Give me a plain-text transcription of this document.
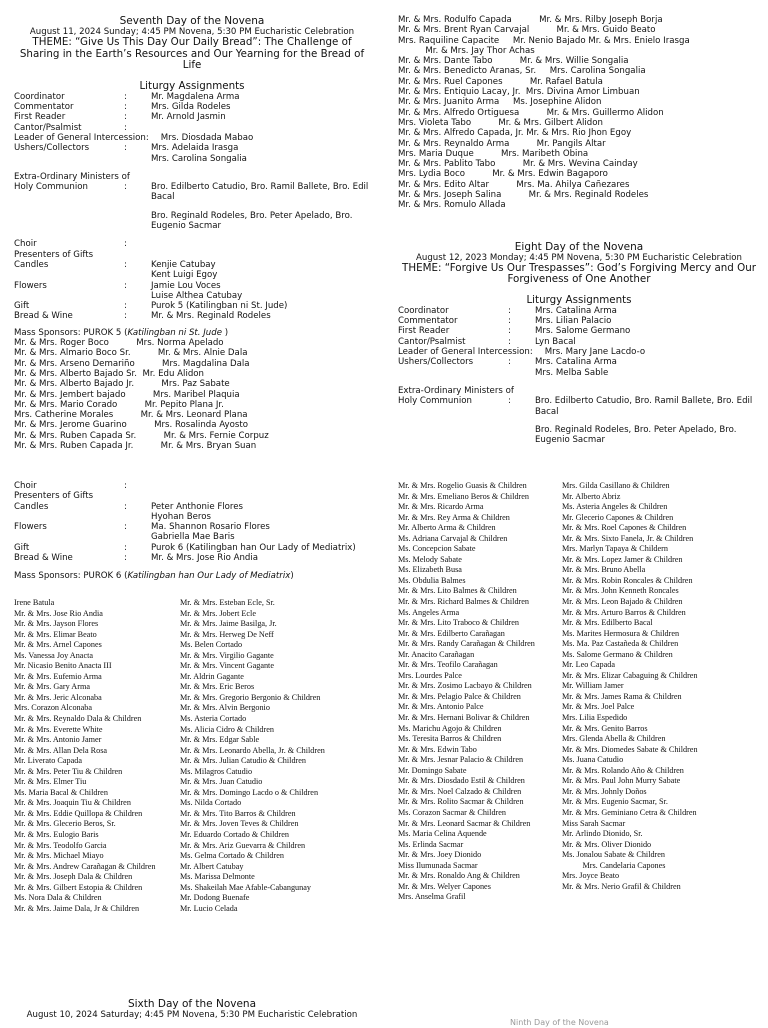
Seventh Day of the Novena
August 11, 2024 Sunday; 4:45 PM Novena, 5:30 PM Eucharistic Celebration
THEME: “Give Us This Day Our Daily Bread”: The Challenge of Sharing in the Earth’s Resources and Our Yearning for the Bread of Life
Liturgy Assignments
Coordinator	:	Mr. Magdalena Arma
Commentator	:	Mrs. Gilda Rodeles
First Reader	:	Mr. Arnold Jasmin
Cantor/Psalmist	:
Leader of General Intercession: Mrs. Diosdada Mabao
Ushers/Collectors	:	Mrs. Adelaida Irasga
Mrs. Carolina Songalia
Extra-Ordinary Ministers of
Holy Communion	:	Bro. Edilberto Catudio, Bro. Ramil Ballete, Bro. Edil Bacal
Bro. Reginald Rodeles, Bro. Peter Apelado, Bro. Eugenio Sacmar
Choir	:
Presenters of Gifts
Candles	:	Kenjie Catubay
Kent Luigi Egoy
Flowers	:	Jamie Lou Voces
Luise Althea Catubay
Gift	:	Purok 5 (Katilingban ni St. Jude)
Bread & Wine	:	Mr. & Mrs. Reginald Rodeles
Mass Sponsors: PUROK 5 (Katilingban ni St. Jude )
Mr. & Mrs. Roger Boco          Mrs. Norma Apelado
Mr. & Mrs. Almario Boco Sr.          Mr. & Mrs. Alnie Dala
Mr. & Mrs. Arseno Demariño          Mrs. Magdalina Dala
Mr. & Mrs. Alberto Bajado Sr.  Mr. Edu Alidon
Mr. & Mrs. Alberto Bajado Jr.          Mrs. Paz Sabate
Mr. & Mrs. Jembert bajado          Mrs. Maribel Plaquia
Mr. & Mrs. Mario Corado          Mr. Pepito Plana Jr.
Mrs. Catherine Morales          Mr. & Mrs. Leonard Plana
Mr. & Mrs. Jerome Guarino          Mrs. Rosalinda Ayosto
Mr. & Mrs. Ruben Capada Sr.          Mr. & Mrs. Fernie Corpuz
Mr. & Mrs. Ruben Capada Jr.          Mr. & Mrs. Bryan Suan
Mr. & Mrs. Rodulfo Capada          Mr. & Mrs. Rilby Joseph Borja
Mr. & Mrs. Brent Ryan Carvajal          Mr. & Mrs. Guido Beato
Mrs. Raquiline Capacite     Mr. Nenio Bajado Mr. & Mrs. Enielo Irasga
Mr. & Mrs. Jay Thor Achas
Mr. & Mrs. Dante Tabo          Mr. & Mrs. Willie Songalia
Mr. & Mrs. Benedicto Aranas, Sr.     Mrs. Carolina Songalia
Mr. & Mrs. Ruel Capones          Mr. Rafael Batula
Mr. & Mrs. Entiquio Lacay, Jr.  Mrs. Divina Amor Limbuan
Mr. & Mrs. Juanito Arma     Ms. Josephine Alidon
Mr. & Mrs. Alfredo Ortiguesa          Mr. & Mrs. Guillermo Alidon
Mrs. Violeta Tabo          Mr. & Mrs. Gilbert Alidon
Mr. & Mrs. Alfredo Capada, Jr. Mr. & Mrs. Rio Jhon Egoy
Mr. & Mrs. Reynaldo Arma          Mr. Pangils Altar
Mrs. Maria Duque          Mrs. Maribeth Obina
Mr. & Mrs. Pablito Tabo          Mr. & Mrs. Wevina Cainday
Mrs. Lydia Boco          Mr. & Mrs. Edwin Bagaporo
Mr. & Mrs. Edito Altar          Mrs. Ma. Ahilya Cañezares
Mr. & Mrs. Joseph Salina          Mr. & Mrs. Reginald Rodeles
Mr. & Mrs. Romulo Allada
Eight Day of the Novena
August 12, 2023 Monday; 4:45 PM Novena, 5:30 PM Eucharistic Celebration
THEME: “Forgive Us Our Trespasses”: God’s Forgiving Mercy and Our Forgiveness of One Another
Liturgy Assignments
Coordinator	:	Mrs. Catalina Arma
Commentator	:	Mrs. Lilian Palacio
First Reader	:	Mrs. Salome Germano
Cantor/Psalmist	:	Lyn Bacal
Leader of General Intercession: Mrs. Mary Jane Lacdo-o
Ushers/Collectors	:	Mrs. Catalina Arma
Mrs. Melba Sable
Extra-Ordinary Ministers of
Holy Communion	:	Bro. Edilberto Catudio, Bro. Ramil Ballete, Bro. Edil Bacal
Bro. Reginald Rodeles, Bro. Peter Apelado, Bro. Eugenio Sacmar
Choir	:
Presenters of Gifts
Candles	:	Peter Anthonie Flores
Hyohan Beros
Flowers	:	Ma. Shannon Rosario Flores
Gabriella Mae Baris
Gift	:	Purok 6 (Katilingban han Our Lady of Mediatrix)
Bread & Wine	:	Mr. & Mrs. Jose Rio Andia
Mass Sponsors: PUROK 6 (Katilingban han Our Lady of Mediatrix)
Irene Batula
Mr. & Mrs. Jose Rio Andia
Mr. & Mrs. Jayson Flores
Mr. & Mrs. Elimar Beato
Mr. & Mrs. Arnel Capones
Ms. Vanessa Joy Anacta
Mr. Nicasio Benito Anacta III
Mr. & Mrs. Eufemio Arma
Mr. & Mrs. Gary Arma
Mr. & Mrs. Jeric Alconaba
Mrs. Corazon Alconaba
Mr. & Mrs. Reynaldo Dala & Children
Mr. & Mrs. Everette White
Mr. & Mrs. Antonio Jamer
Mr. & Mrs. Allan Dela Rosa
Mr. Liverato Capada
Mr. & Mrs. Peter Tiu & Children
Mr. & Mrs. Elmer Tiu
Ms. Maria Bacal & Children
Mr. & Mrs. Joaquin Tiu & Children
Mr. & Mrs. Eddie Quillopa & Children
Mr. & Mrs. Glecerio Beros, Sr.
Mr. & Mrs. Eulogio Baris
Mr. & Mrs. Teodolfo Garcia
Mr. & Mrs. Michael Miayo
Mr. & Mrs. Andrew Carañagan & Children
Mr. & Mrs. Joseph Dala & Children
Mr. & Mrs. Gilbert Estopia & Children
Ms. Nora Dala & Children
Mr. & Mrs. Jaime Dala, Jr & Children
Mr. & Mrs. Esteban Ecle, Sr.
Mr. & Mrs. Jobert Ecle
Mr. & Mrs. Jaime Basilga, Jr.
Mr. & Mrs. Herweg De Neff
Ms. Belen Cortado
Mr. & Mrs. Virgilio Gagante
Mr. & Mrs. Vincent Gagante
Mr. Aldrin Gagante
Mr. & Mrs. Eric Beros
Mr. & Mrs. Gregorio Bergonio & Children
Mr. & Mrs. Alvin Bergonio
Ms. Asteria Cortado
Ms. Alicia Cidro & Children
Mr. & Mrs. Edgar Sable
Mr. & Mrs. Leonardo Abella, Jr. & Children
Mr. & Mrs. Julian Catudio & Children
Ms. Milagros Catudio
Mr. & Mrs. Juan Catudio
Mr. & Mrs. Domingo Lacdo o & Children
Ms. Nilda Cortado
Mr. & Mrs. Tito Barros & Children
Mr. & Mrs. Joven Teves & Children
Mr. Eduardo Cortado & Children
Mr. & Mrs. Ariz Guevarra & Children
Ms. Gelma Cortado & Children
Mr. Albert Catubay
Ms. Marissa Delmonte
Ms. Shakeilah Mae Afable-Cabangunay
Mr. Dodong Buenafe
Mr. Lucio Celada
Mr. & Mrs. Rogelio Guasis & Children
Mr. & Mrs. Emeliano Beros & Children
Mr. & Mrs. Ricardo Arma
Mr. & Mrs. Rey Arma & Children
Mr. Alberto Arma & Children
Ms. Adriana Carvajal & Children
Ms. Concepcion Sabate
Ms. Melody Sabate
Ms. Elizabeth Busa
Ms. Obdulia Balmes
Mr. & Mrs. Lito Balmes & Children
Mr. & Mrs. Richard Balmes & Children
Ms. Angeles Arma
Mr. & Mrs. Lito Traboco & Children
Mr. & Mrs. Edilberto Carañagan
Mr. & Mrs. Randy Carañagan & Children
Mr. Anacito Carañagan
Mr. & Mrs. Teofilo Carañagan
Mrs. Lourdes Palce
Mr. & Mrs. Zosimo Lacbayo & Children
Mr. & Mrs. Pelagio Palce & Children
Mr. & Mrs. Antonio Palce
Mr. & Mrs. Hernani Bolivar & Children
Ms. Marichu Agojo & Children
Ms. Teresita Barros & Children
Mr. & Mrs. Edwin Tabo
Mr. & Mrs. Jesnar Palacio & Children
Mr. Domingo Sabate
Mr. & Mrs. Diosdado Estil & Children
Mr. & Mrs. Noel Calzado & Children
Mr. & Mrs. Rolito Sacmar & Children
Ms. Corazon Sacmar & Children
Mr. & Mrs. Leonard Sacmar & Children
Ms. Maria Celina Aquende
Ms. Erlinda Sacmar
Mr. & Mrs. Joey Dionido
Miss Ilumunada Sacmar
Mr. & Mrs. Ronaldo Ang & Children
Mr. & Mrs. Welyer Capones
Mrs. Anselma Grafil
Mrs. Gilda Casillano & Children
Mr. Alberto Abriz
Ms. Asteria Angeles & Children
Mr. Glecerio Capones & Children
Mr. & Mrs. Roel Capones & Children
Mr. & Mrs. Sixto Fanela, Jr. & Children
Mrs. Marlyn Tapaya & Childern
Mr. & Mrs. Lopez Jamer & Children
Mr. & Mrs. Bruno Abella
Mr. & Mrs. Robin Roncales & Children
Mr. & Mrs. John Kenneth Roncales
Mr. & Mrs. Leon Bajado & Children
Mr. & Mrs. Arturo Barros & Children
Mr. & Mrs. Edilberto Bacal
Ms. Marites Hermosura & Children
Ms. Ma. Paz Castañeda & Children
Ms. Salome Germano & Children
Mr. Leo Capada
Mr. & Mrs. Elizar Cabaguing & Children
Mr. William Jamer
Mr. & Mrs. James Rama & Children
Mr. & Mrs. Joel Palce
Mrs. Lilia Espedido
Mr. & Mrs. Genito Barros
Mrs. Glenda Abella & Children
Mr. & Mrs. Diomedes Sabate & Children
Ms. Juana Catudio
Mr. & Mrs. Rolando Año & Children
Mr. & Mrs. Paul John Murry Sabate
Mr. & Mrs. Johnly Doños
Mr. & Mrs. Eugenio Sacmar, Sr.
Mr. & Mrs. Geminiano Cetra & Children
Miss Sarah Sacmar
Mr. Arlindo Dionido, Sr.
Mr. & Mrs. Oliver Dionido
Ms. Jonalou Sabate & Children
Mrs. Candelaria Capones
Mrs. Joyce Beato
Mr. & Mrs. Nerio Grafil & Children
Sixth Day of the Novena
August 10, 2024 Saturday; 4:45 PM Novena, 5:30 PM Eucharistic Celebration
Ninth Day of the Novena
